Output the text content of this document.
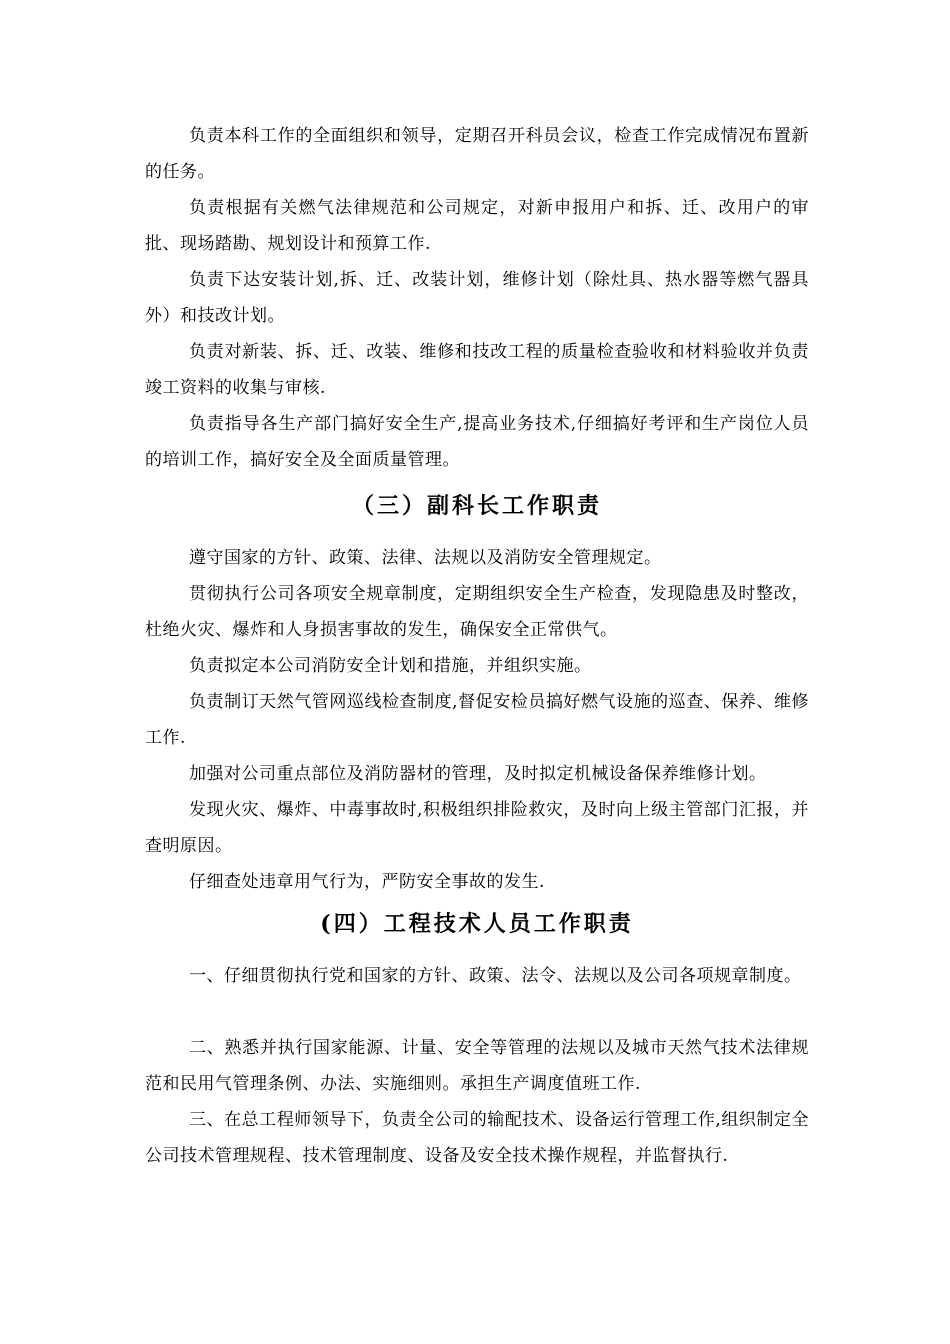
负责本科工作的全面组织和领导，定期召开科员会议，检查工作完成情况布置新的任务。

负责根据有关燃气法律规范和公司规定，对新申报用户和拆、迁、改用户的审批、现场踏勘、规划设计和预算工作.

负责下达安装计划,拆、迁、改装计划，维修计划（除灶具、热水器等燃气器具外）和技改计划。

负责对新装、拆、迁、改装、维修和技改工程的质量检查验收和材料验收并负责竣工资料的收集与审核.

负责指导各生产部门搞好安全生产,提高业务技术,仔细搞好考评和生产岗位人员的培训工作，搞好安全及全面质量管理。

（三）副科长工作职责

遵守国家的方针、政策、法律、法规以及消防安全管理规定。

贯彻执行公司各项安全规章制度，定期组织安全生产检查，发现隐患及时整改，杜绝火灾、爆炸和人身损害事故的发生，确保安全正常供气。

负责拟定本公司消防安全计划和措施，并组织实施。

负责制订天然气管网巡线检查制度,督促安检员搞好燃气设施的巡查、保养、维修工作.

加强对公司重点部位及消防器材的管理，及时拟定机械设备保养维修计划。

发现火灾、爆炸、中毒事故时,积极组织排险救灾，及时向上级主管部门汇报，并查明原因。

仔细查处违章用气行为，严防安全事故的发生.

(四）工程技术人员工作职责

一、仔细贯彻执行党和国家的方针、政策、法令、法规以及公司各项规章制度。

二、熟悉并执行国家能源、计量、安全等管理的法规以及城市天然气技术法律规范和民用气管理条例、办法、实施细则。承担生产调度值班工作.

三、在总工程师领导下，负责全公司的输配技术、设备运行管理工作,组织制定全公司技术管理规程、技术管理制度、设备及安全技术操作规程，并监督执行.
